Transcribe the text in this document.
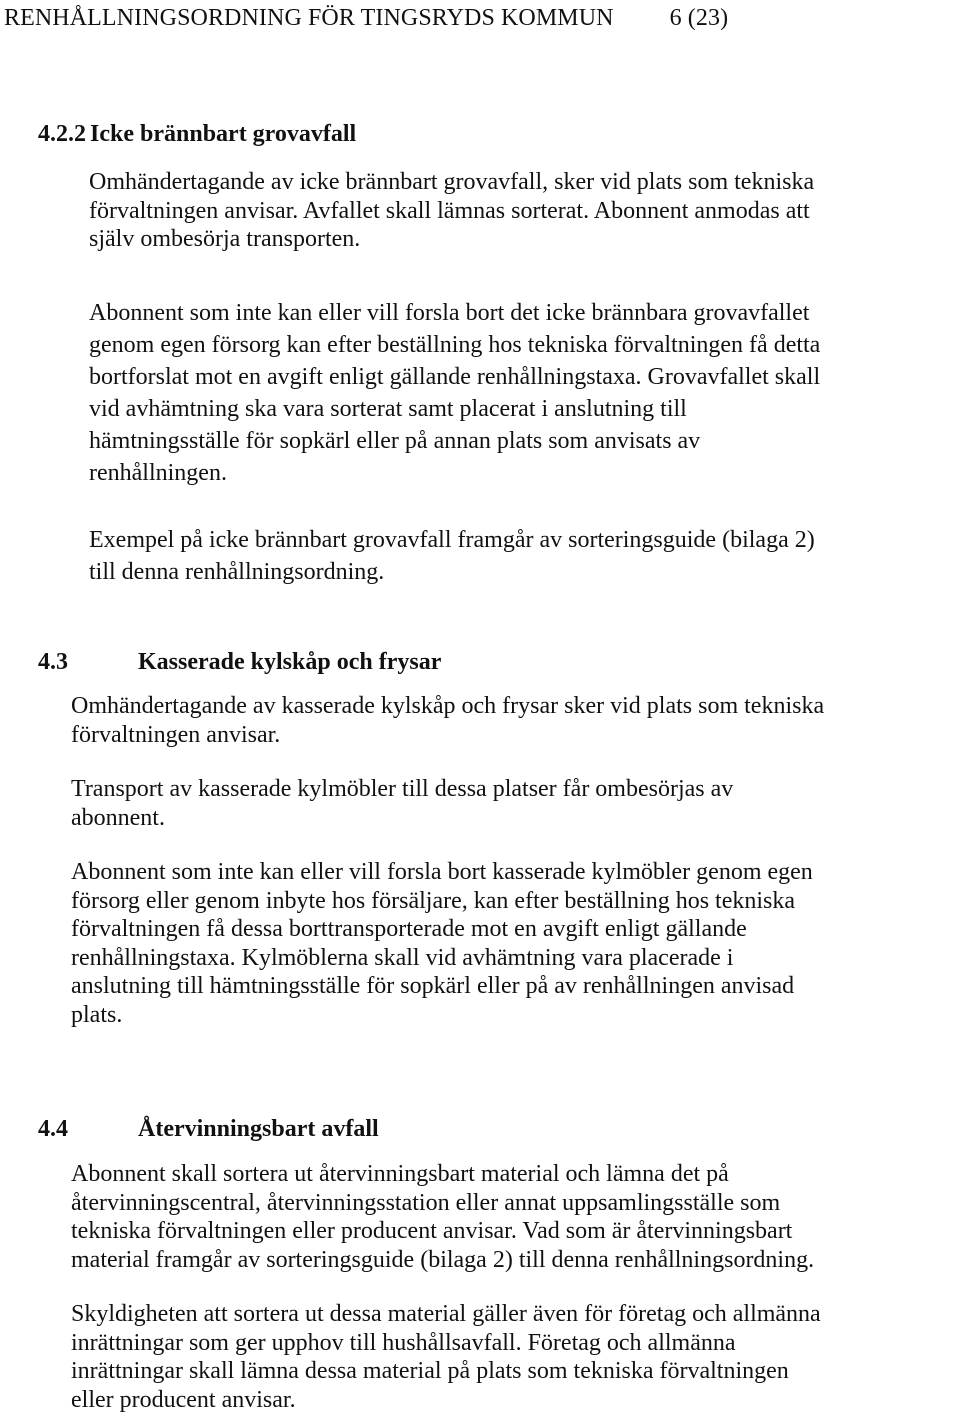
RENHÅLLNINGSORDNING FÖR TINGSRYDS KOMMUN 6 (23)
4.2.2 Icke brännbart grovavfall
Omhändertagande av icke brännbart grovavfall, sker vid plats som tekniska
förvaltningen anvisar. Avfallet skall lämnas sorterat. Abonnent anmodas att
själv ombesörja transporten.
Abonnent som inte kan eller vill forsla bort det icke brännbara grovavfallet
genom egen försorg kan efter beställning hos tekniska förvaltningen få detta
bortforslat mot en avgift enligt gällande renhållningstaxa. Grovavfallet skall
vid avhämtning ska vara sorterat samt placerat i anslutning till
hämtningsställe för sopkärl eller på annan plats som anvisats av
renhållningen.
Exempel på icke brännbart grovavfall framgår av sorteringsguide (bilaga 2)
till denna renhållningsordning.
4.3	Kasserade kylskåp och frysar
Omhändertagande av kasserade kylskåp och frysar sker vid plats som tekniska
förvaltningen anvisar.
Transport av kasserade kylmöbler till dessa platser får ombesörjas av
abonnent.
Abonnent som inte kan eller vill forsla bort kasserade kylmöbler genom egen
försorg eller genom inbyte hos försäljare, kan efter beställning hos tekniska
förvaltningen få dessa borttransporterade mot en avgift enligt gällande
renhållningstaxa. Kylmöblerna skall vid avhämtning vara placerade i
anslutning till hämtningsställe för sopkärl eller på av renhållningen anvisad
plats.
4.4	Återvinningsbart avfall
Abonnent skall sortera ut återvinningsbart material och lämna det på
återvinningscentral, återvinningsstation eller annat uppsamlingsställe som
tekniska förvaltningen eller producent anvisar. Vad som är återvinningsbart
material framgår av sorteringsguide (bilaga 2) till denna renhållningsordning.
Skyldigheten att sortera ut dessa material gäller även för företag och allmänna
inrättningar som ger upphov till hushållsavfall. Företag och allmänna
inrättningar skall lämna dessa material på plats som tekniska förvaltningen
eller producent anvisar.
